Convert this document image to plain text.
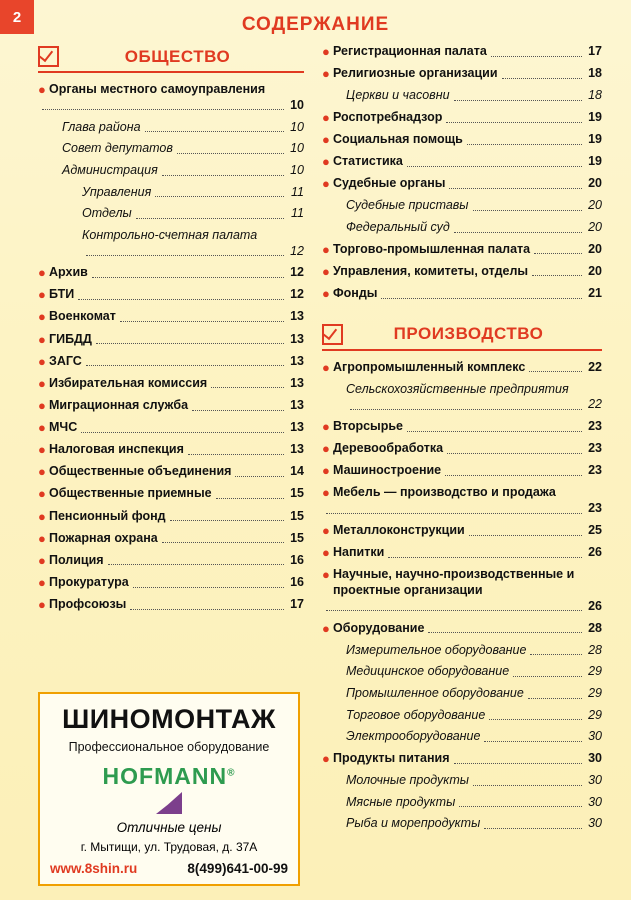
2	СОДЕРЖАНИЕ
ОБЩЕСТВО
● Органы местного самоуправления
10
Глава района	10
Совет депутатов	10
Администрация	10
Управления	11
Отделы	11
Контрольно-счетная палата
12
● Архив	12
● БТИ	12
● Военкомат	13
● ГИБДД	13
● ЗАГС	13
● Избирательная комиссия	13
● Миграционная служба	13
● МЧС	13
● Налоговая инспекция	13
● Общественные объединения	14
● Общественные приемные	15
● Пенсионный фонд	15
● Пожарная охрана	15
● Полиция	16
● Прокуратура	16
● Профсоюзы	17
ШИНОМОНТАЖ
Профессиональное оборудование
HOFMANN®
Отличные цены
г. Мытищи, ул. Трудовая, д. 37А
www.8shin.ru	8(499)641-00-99
● Регистрационная палата	17
● Религиозные организации	18
Церкви и часовни	18
● Роспотребнадзор	19
● Социальная помощь	19
● Статистика	19
● Судебные органы	20
Судебные приставы	20
Федеральный суд	20
● Торгово-промышленная палата	20
● Управления, комитеты, отделы	20
● Фонды	21
ПРОИЗВОДСТВО
● Агропромышленный комплекс	22
Сельскохозяйственные предприятия
22
● Вторсырье	23
● Деревообработка	23
● Машиностроение	23
● Мебель — производство и продажа
23
● Металлоконструкции	25
● Напитки	26
● Научные, научно-производственные и проектные организации
26
● Оборудование	28
Измерительное оборудование	28
Медицинское оборудование	29
Промышленное оборудование	29
Торговое оборудование	29
Электрооборудование	30
● Продукты питания	30
Молочные продукты	30
Мясные продукты	30
Рыба и морепродукты	30
